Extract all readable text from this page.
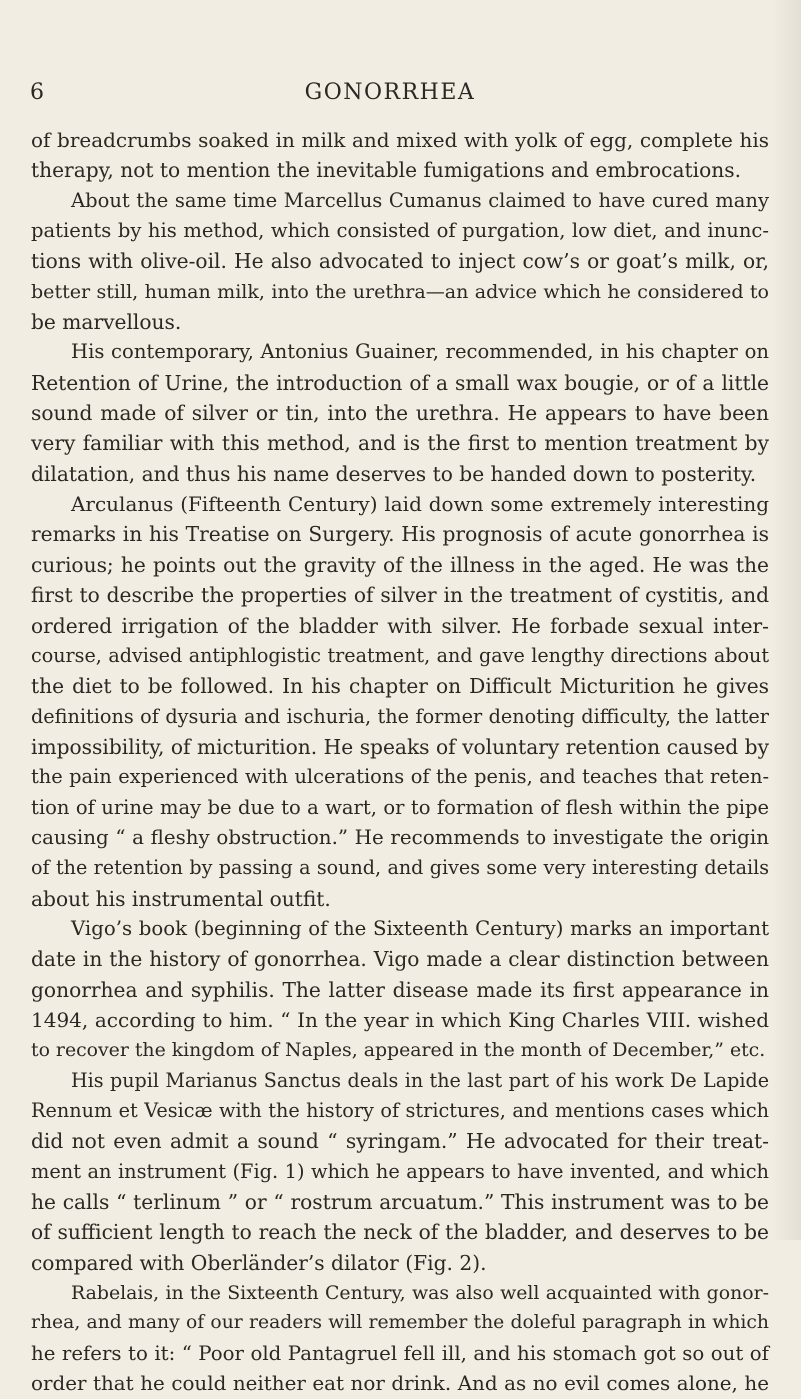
6	GONORRHEA

of breadcrumbs soaked in milk and mixed with yolk of egg, complete his
therapy, not to mention the inevitable fumigations and embrocations.

About the same time Marcellus Cumanus claimed to have cured many
patients by his method, which consisted of purgation, low diet, and inunc-
tions with olive-oil. He also advocated to inject cow’s or goat’s milk, or,
better still, human milk, into the urethra—an advice which he considered to
be marvellous.

His contemporary, Antonius Guainer, recommended, in his chapter on
Retention of Urine, the introduction of a small wax bougie, or of a little
sound made of silver or tin, into the urethra. He appears to have been
very familiar with this method, and is the first to mention treatment by
dilatation, and thus his name deserves to be handed down to posterity.

Arculanus (Fifteenth Century) laid down some extremely interesting
remarks in his Treatise on Surgery. His prognosis of acute gonorrhea is
curious; he points out the gravity of the illness in the aged. He was the
first to describe the properties of silver in the treatment of cystitis, and
ordered irrigation of the bladder with silver. He forbade sexual inter-
course, advised antiphlogistic treatment, and gave lengthy directions about
the diet to be followed. In his chapter on Difficult Micturition he gives
definitions of dysuria and ischuria, the former denoting difficulty, the latter
impossibility, of micturition. He speaks of voluntary retention caused by
the pain experienced with ulcerations of the penis, and teaches that reten-
tion of urine may be due to a wart, or to formation of flesh within the pipe
causing “ a fleshy obstruction.” He recommends to investigate the origin
of the retention by passing a sound, and gives some very interesting details
about his instrumental outfit.

Vigo’s book (beginning of the Sixteenth Century) marks an important
date in the history of gonorrhea. Vigo made a clear distinction between
gonorrhea and syphilis. The latter disease made its first appearance in
1494, according to him. “ In the year in which King Charles VIII. wished
to recover the kingdom of Naples, appeared in the month of December,” etc.

His pupil Marianus Sanctus deals in the last part of his work De Lapide
Rennum et Vesicæ with the history of strictures, and mentions cases which
did not even admit a sound “ syringam.” He advocated for their treat-
ment an instrument (Fig. 1) which he appears to have invented, and which
he calls “ terlinum ” or “ rostrum arcuatum.” This instrument was to be
of sufficient length to reach the neck of the bladder, and deserves to be
compared with Oberländer’s dilator (Fig. 2).

Rabelais, in the Sixteenth Century, was also well acquainted with gonor-
rhea, and many of our readers will remember the doleful paragraph in which
he refers to it: “ Poor old Pantagruel fell ill, and his stomach got so out of
order that he could neither eat nor drink. And as no evil comes alone, he
